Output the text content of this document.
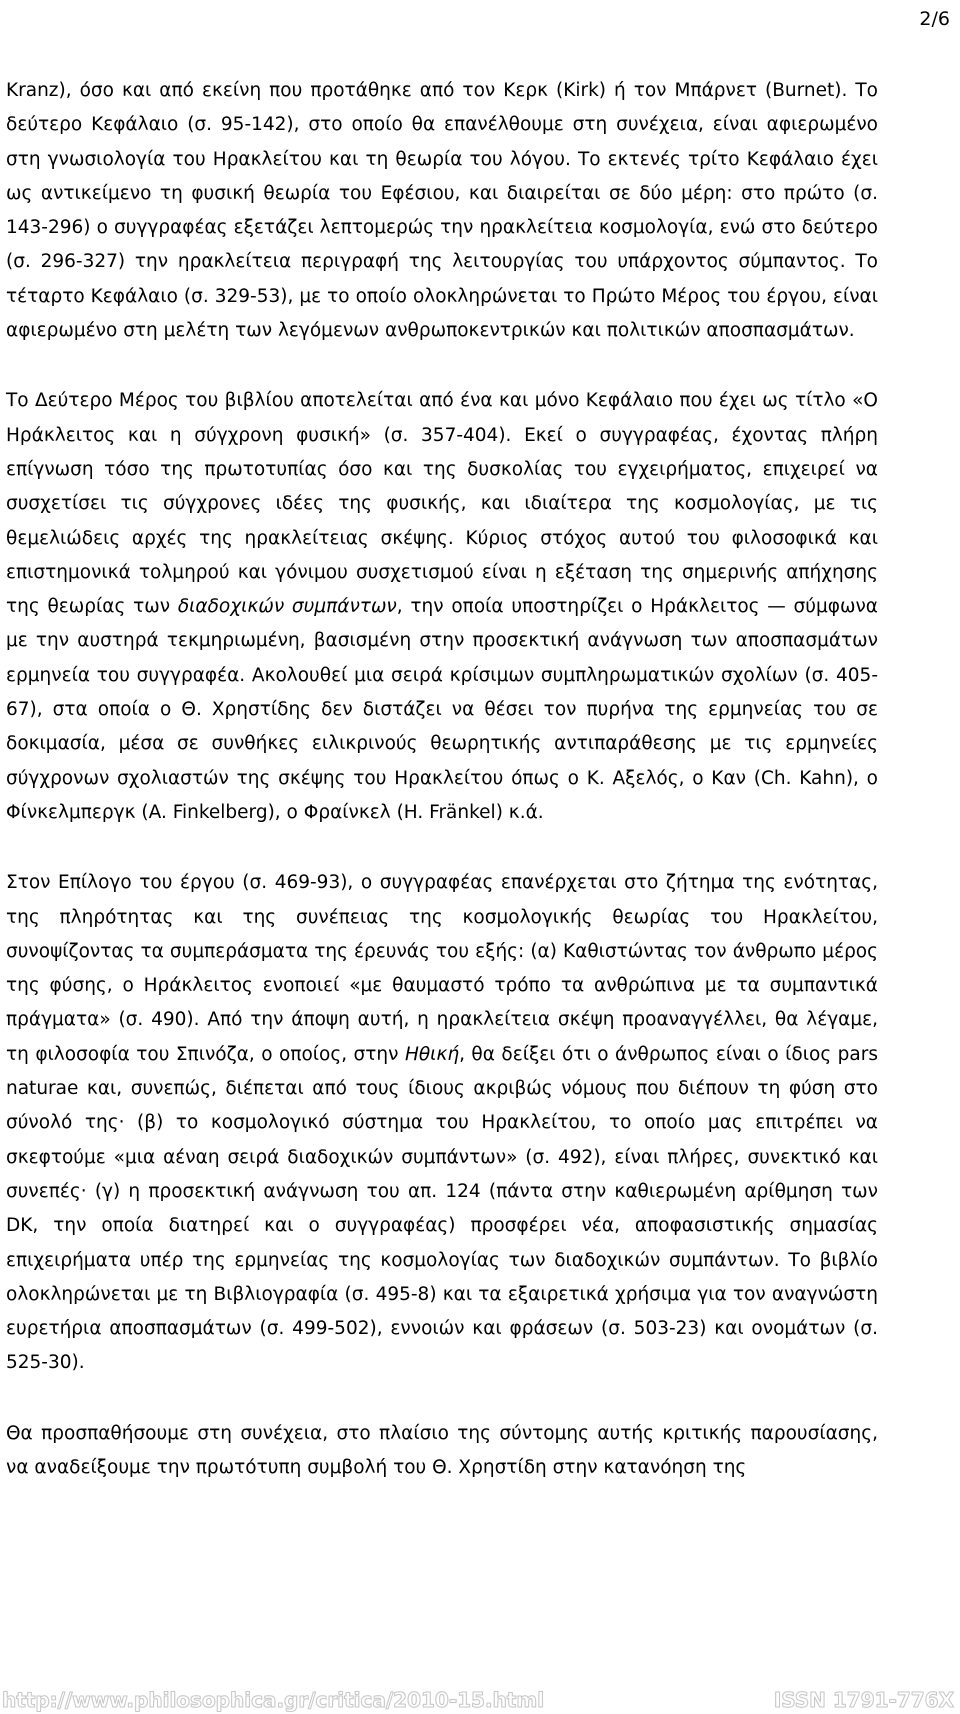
2/6

Kranz), όσο και από εκείνη που προτάθηκε από τον Κερκ (Kirk) ή τον Μπάρνετ (Burnet). Το δεύτερο Κεφάλαιο (σ. 95-142), στο οποίο θα επανέλθουμε στη συνέχεια, είναι αφιερωμένο στη γνωσιολογία του Ηρακλείτου και τη θεωρία του λόγου. Το εκτενές τρίτο Κεφάλαιο έχει ως αντικείμενο τη φυσική θεωρία του Εφέσιου, και διαιρείται σε δύο μέρη: στο πρώτο (σ. 143-296) ο συγγραφέας εξετάζει λεπτομερώς την ηρακλείτεια κοσμολογία, ενώ στο δεύτερο (σ. 296-327) την ηρακλείτεια περιγραφή της λειτουργίας του υπάρχοντος σύμπαντος. Το τέταρτο Κεφάλαιο (σ. 329-53), με το οποίο ολοκληρώνεται το Πρώτο Μέρος του έργου, είναι αφιερωμένο στη μελέτη των λεγόμενων ανθρωποκεντρικών και πολιτικών αποσπασμάτων.

Το Δεύτερο Μέρος του βιβλίου αποτελείται από ένα και μόνο Κεφάλαιο που έχει ως τίτλο «Ο Ηράκλειτος και η σύγχρονη φυσική» (σ. 357-404). Εκεί ο συγγραφέας, έχοντας πλήρη επίγνωση τόσο της πρωτοτυπίας όσο και της δυσκολίας του εγχειρήματος, επιχειρεί να συσχετίσει τις σύγχρονες ιδέες της φυσικής, και ιδιαίτερα της κοσμολογίας, με τις θεμελιώδεις αρχές της ηρακλείτειας σκέψης. Κύριος στόχος αυτού του φιλοσοφικά και επιστημονικά τολμηρού και γόνιμου συσχετισμού είναι η εξέταση της σημερινής απήχησης της θεωρίας των διαδοχικών συμπάντων, την οποία υποστηρίζει ο Ηράκλειτος — σύμφωνα με την αυστηρά τεκμηριωμένη, βασισμένη στην προσεκτική ανάγνωση των αποσπασμάτων ερμηνεία του συγγραφέα. Ακολουθεί μια σειρά κρίσιμων συμπληρωματικών σχολίων (σ. 405-67), στα οποία ο Θ. Χρηστίδης δεν διστάζει να θέσει τον πυρήνα της ερμηνείας του σε δοκιμασία, μέσα σε συνθήκες ειλικρινούς θεωρητικής αντιπαράθεσης με τις ερμηνείες σύγχρονων σχολιαστών της σκέψης του Ηρακλείτου όπως ο Κ. Αξελός, ο Καν (Ch. Kahn), ο Φίνκελμπεργκ (A. Finkelberg), ο Φραίνκελ (H. Fränkel) κ.ά.

Στον Επίλογο του έργου (σ. 469-93), ο συγγραφέας επανέρχεται στο ζήτημα της ενότητας, της πληρότητας και της συνέπειας της κοσμολογικής θεωρίας του Ηρακλείτου, συνοψίζοντας τα συμπεράσματα της έρευνάς του εξής: (α) Καθιστώντας τον άνθρωπο μέρος της φύσης, ο Ηράκλειτος ενοποιεί «με θαυμαστό τρόπο τα ανθρώπινα με τα συμπαντικά πράγματα» (σ. 490). Από την άποψη αυτή, η ηρακλείτεια σκέψη προαναγγέλλει, θα λέγαμε, τη φιλοσοφία του Σπινόζα, ο οποίος, στην Ηθική, θα δείξει ότι ο άνθρωπος είναι ο ίδιος pars naturae και, συνεπώς, διέπεται από τους ίδιους ακριβώς νόμους που διέπουν τη φύση στο σύνολό της· (β) το κοσμολογικό σύστημα του Ηρακλείτου, το οποίο μας επιτρέπει να σκεφτούμε «μια αέναη σειρά διαδοχικών συμπάντων» (σ. 492), είναι πλήρες, συνεκτικό και συνεπές· (γ) η προσεκτική ανάγνωση του απ. 124 (πάντα στην καθιερωμένη αρίθμηση των DK, την οποία διατηρεί και ο συγγραφέας) προσφέρει νέα, αποφασιστικής σημασίας επιχειρήματα υπέρ της ερμηνείας της κοσμολογίας των διαδοχικών συμπάντων. Το βιβλίο ολοκληρώνεται με τη Βιβλιογραφία (σ. 495-8) και τα εξαιρετικά χρήσιμα για τον αναγνώστη ευρετήρια αποσπασμάτων (σ. 499-502), εννοιών και φράσεων (σ. 503-23) και ονομάτων (σ. 525-30).

Θα προσπαθήσουμε στη συνέχεια, στο πλαίσιο της σύντομης αυτής κριτικής παρουσίασης, να αναδείξουμε την πρωτότυπη συμβολή του Θ. Χρηστίδη στην κατανόηση της

http://www.philosophica.gr/critica/2010-15.html	ISSN 1791-776X
